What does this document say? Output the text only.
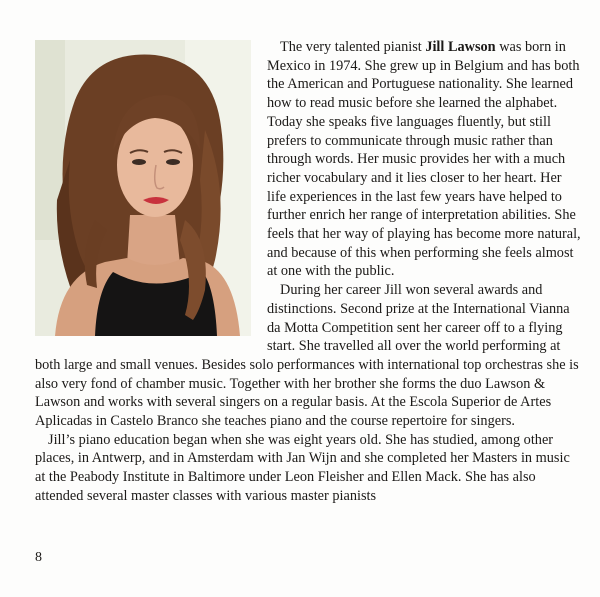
The very talented pianist Jill Lawson was born in Mexico in 1974. She grew up in Belgium and has both the American and Portuguese nationality. She learned how to read music before she learned the alphabet. Today she speaks five languages fluently, but still prefers to communicate through music rather than through words. Her music provides her with a much richer vocabulary and it lies closer to her heart. Her life experiences in the last few years have helped to further enrich her range of interpretation abilities. She feels that her way of playing has become more natural, and because of this when performing she feels almost at one with the public.

During her career Jill won several awards and distinctions. Second prize at the International Vianna da Motta Competition sent her career off to a flying start. She travelled all over the world performing at both large and small venues. Besides solo performances with international top orchestras she is also very fond of chamber music. Together with her brother she forms the duo Lawson & Lawson and works with several singers on a regular basis. At the Escola Superior de Artes Aplicadas in Castelo Branco she teaches piano and the course repertoire for singers.

Jill’s piano education began when she was eight years old. She has studied, among other places, in Antwerp, and in Amsterdam with Jan Wijn and she completed her Masters in music at the Peabody Institute in Baltimore under Leon Fleisher and Ellen Mack. She has also attended several master classes with various master pianists

8
